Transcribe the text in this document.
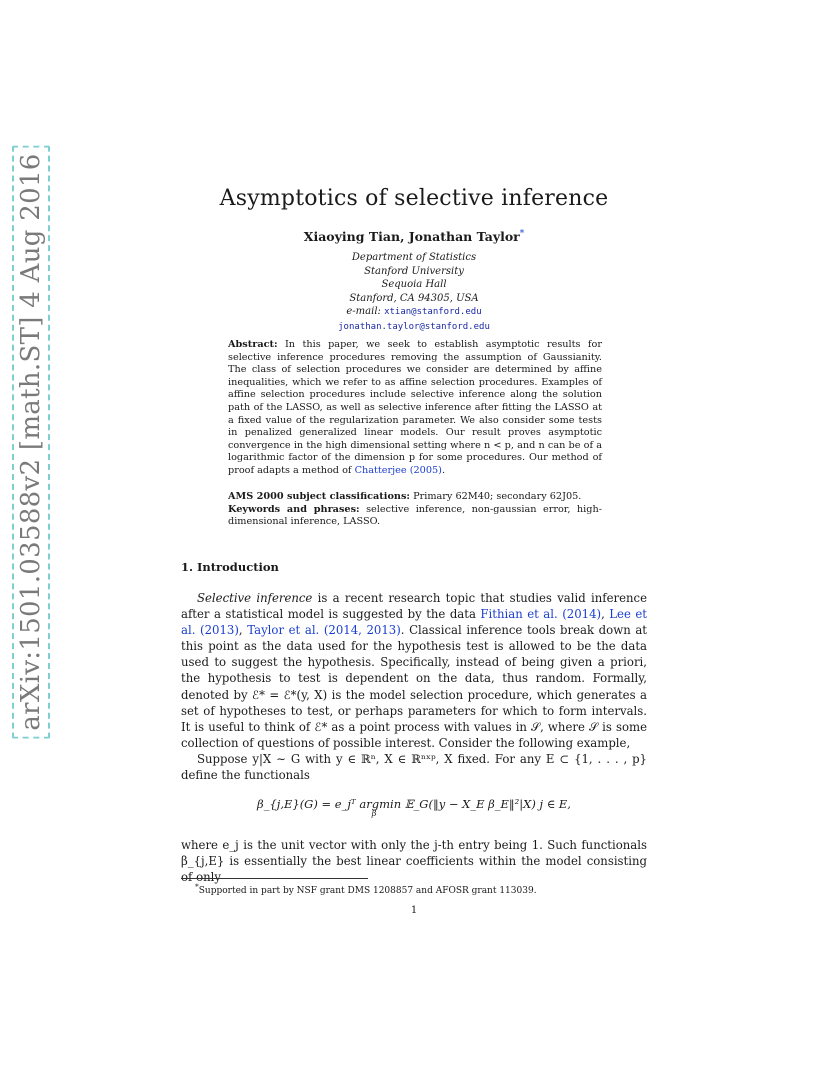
arXiv:1501.03588v2 [math.ST] 4 Aug 2016	Asymptotics of selective inference
Xiaoying Tian, Jonathan Taylor*
Department of Statistics
Stanford University
Sequoia Hall
Stanford, CA 94305, USA
e-mail: xtian@stanford.edu
jonathan.taylor@stanford.edu
Abstract: In this paper, we seek to establish asymptotic results for selective inference procedures removing the assumption of Gaussianity. The class of selection procedures we consider are determined by affine inequalities, which we refer to as affine selection procedures. Examples of affine selection procedures include selective inference along the solution path of the LASSO, as well as selective inference after fitting the LASSO at a fixed value of the regularization parameter. We also consider some tests in penalized generalized linear models. Our result proves asymptotic convergence in the high dimensional setting where n < p, and n can be of a logarithmic factor of the dimension p for some procedures. Our method of proof adapts a method of Chatterjee (2005).
AMS 2000 subject classifications: Primary 62M40; secondary 62J05.
Keywords and phrases: selective inference, non-gaussian error, high-dimensional inference, LASSO.
1. Introduction

Selective inference is a recent research topic that studies valid inference after a statistical model is suggested by the data Fithian et al. (2014), Lee et al. (2013), Taylor et al. (2014, 2013). Classical inference tools break down at this point as the data used for the hypothesis test is allowed to be the data used to suggest the hypothesis. Specifically, instead of being given a priori, the hypothesis to test is dependent on the data, thus random. Formally, denoted by ℰ* = ℰ*(y, X) is the model selection procedure, which generates a set of hypotheses to test, or perhaps parameters for which to form intervals. It is useful to think of ℰ* as a point process with values in 𝒮, where 𝒮 is some collection of questions of possible interest. Consider the following example,

Suppose y|X ∼ G with y ∈ ℝⁿ, X ∈ ℝⁿˣᵖ, X fixed. For any E ⊂ {1, . . . , p} define the functionals

β_{j,E}(G) = e_jᵀ argmin 𝔼_G(‖y − X_E β_E‖²|X) j ∈ E,
β
where e_j is the unit vector with only the j-th entry being 1. Such functionals β_{j,E} is essentially the best linear coefficients within the model consisting of only
*Supported in part by NSF grant DMS 1208857 and AFOSR grant 113039.
1
